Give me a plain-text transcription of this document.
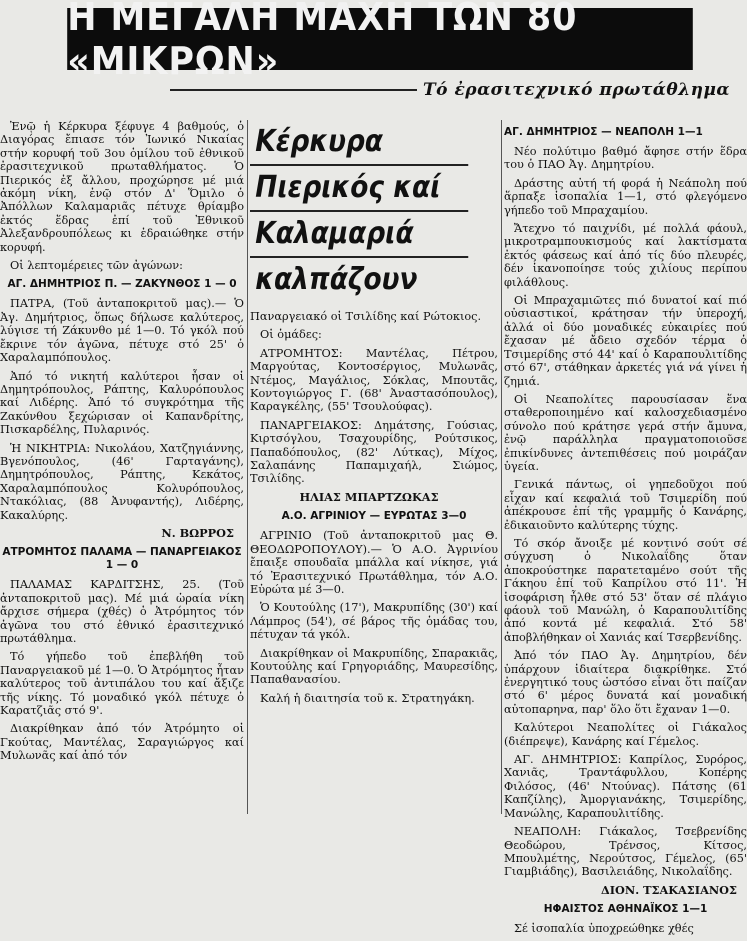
Η ΜΕΓΑΛΗ ΜΑΧΗ ΤΩΝ 80 «ΜΙΚΡΩΝ»
Τό ἐρασιτεχνικό πρωτάθλημα

Ἐνῷ ἡ Κέρκυρα ξέφυγε 4 βαθμούς, ὁ Διαγόρας ἔπιασε τόν Ἰωνικό Νικαίας στήν κορυφή τοῦ 3ου ὁμίλου τοῦ ἐθνικοῦ ἐρασιτεχνικοῦ πρωταθλήματος. Ὁ Πιερικός ἐξ ἄλλου, προχώρησε μέ μιά ἀκόμη νίκη, ἐνῷ στόν Δ' Ὅμιλο ὁ Ἀπόλλων Καλαμαριᾶς πέτυχε θρίαμβο ἐκτός ἕδρας ἐπί τοῦ Ἐθνικοῦ Ἀλεξανδρουπόλεως κι ἑδραιώθηκε στήν κορυφή.

Οἱ λεπτομέρειες τῶν ἀγώνων:

ΑΓ. ΔΗΜΗΤΡΙΟΣ Π. — ΖΑΚΥΝΘΟΣ 1 — 0

ΠΑΤΡΑ, (Τοῦ ἀνταποκριτοῦ μας).— Ὁ Ἀγ. Δημήτριος, ὅπως δήλωσε καλύτερος, λύγισε τή Ζάκυνθο μέ 1—0. Τό γκόλ πού ἔκρινε τόν ἀγῶνα, πέτυχε στό 25' ὁ Χαραλαμπόπουλος.

Ἀπό τό νικητή καλύτεροι ἦσαν οἱ Δημητρόπουλος, Ράπτης, Καλυρόπουλος καί Λιδέρης. Ἀπό τό συγκρότημα τῆς Ζακύνθου ξεχώρισαν οἱ Καπανδρίτης, Πισκαρδέλης, Πυλαρινός.

Ἡ ΝΙΚΗΤΡΙΑ: Νικολάου, Χατζηγιάννης, Βγενόπουλος, (46' Γαρταγάνης), Δημητρόπουλος, Ράπτης, Κεκάτος, Χαραλαμπόπουλος Κολυρόπουλος, Ντακόλιας, (88 Ἀνυφαντής), Λιδέρης, Κακαλύρης.

Ν. ΒΩΡΡΟΣ
ΑΤΡΟΜΗΤΟΣ ΠΑΛΑΜΑ — ΠΑΝΑΡΓΕΙΑΚΟΣ 1 — 0

ΠΑΛΑΜΑΣ ΚΑΡΔΙΤΣΗΣ, 25. (Τοῦ ἀνταποκριτοῦ μας). Μέ μιά ὡραία νίκη ἄρχισε σήμερα (χθές) ὁ Ἀτρόμητος τόν ἀγῶνα του στό ἐθνικό ἐρασιτεχνικό πρωτάθλημα.

Τό γήπεδο τοῦ ἐπεβλήθη τοῦ Παναργειακοῦ μέ 1—0. Ὁ Ἀτρόμητος ἦταν καλύτερος τοῦ ἀντιπάλου του καί ἄξιζε τῆς νίκης. Τό μοναδικό γκόλ πέτυχε ὁ Καρατζιᾶς στό 9'.

Διακρίθηκαν ἀπό τόν Ἀτρόμητο οἱ Γκούτας, Μαντέλας, Σαραγιώργος καί Μυλωνᾶς καί ἀπό τόν

Κέρκυρα
Πιερικός καί
Καλαμαριά
καλπάζουν

Παναργειακό οἱ Τσιλίδης καί Ρώτοκιος.

Οἱ ὁμάδες:

ΑΤΡΟΜΗΤΟΣ: Μαντέλας, Πέτρου, Μαργούτας, Κοντοσέργιος, Μυλωνᾶς, Ντέμος, Μαγάλιος, Σόκλας, Μπουτᾶς, Κοντογιώργος Γ. (68' Ἀναστασόπουλος), Καραγκέλης, (55' Τσουλούφας).

ΠΑΝΑΡΓΕΙΑΚΟΣ: Δημάτσης, Γούσιας, Κιρτσόγλου, Τσαχουρίδης, Ρούτσικος, Παπαδόπουλος, (82' Λύτκας), Μίχος, Σαλαπάνης Παπαμιχαήλ, Σιώμος, Τσιλίδης.

ΗΛΙΑΣ ΜΠΑΡΤΖΩΚΑΣ
Α.Ο. ΑΓΡΙΝΙΟΥ — ΕΥΡΩΤΑΣ 3—0

ΑΓΡΙΝΙΟ (Τοῦ ἀνταποκριτοῦ μας Θ. ΘΕΟΔΩΡΟΠΟΥΛΟΥ).— Ὁ Α.Ο. Ἀγρινίου ἔπαιξε σπουδαῖα μπάλλα καί νίκησε, γιά τό Ἐρασιτεχνικό Πρωτάθλημα, τόν Α.Ο. Εὐρώτα μέ 3—0.

Ὁ Κουτούλης (17'), Μακρυπίδης (30') καί Λάμπρος (54'), σέ βάρος τῆς ὁμάδας του, πέτυχαν τά γκόλ.

Διακρίθηκαν οἱ Μακρυπίδης, Σπαρακιᾶς, Κουτούλης καί Γρηγοριάδης, Μαυρεσίδης, Παπαθανασίου.

Καλή ἡ διαιτησία τοῦ κ. Στρατηγάκη.

ΑΓ. ΔΗΜΗΤΡΙΟΣ — ΝΕΑΠΟΛΗ 1—1

Νέο πολύτιμο βαθμό ἄφησε στήν ἕδρα του ὁ ΠΑΟ Ἀγ. Δημητρίου.

Δράστης αὐτή τή φορά ἡ Νεάπολη πού ἅρπαξε ἰσοπαλία 1—1, στό φλεγόμενο γήπεδο τοῦ Μπραχαμίου.

Ἄτεχνο τό παιχνίδι, μέ πολλά φάουλ, μικροτραμπουκισμούς καί λακτίσματα ἐκτός φάσεως καί ἀπό τίς δύο πλευρές, δέν ἱκανοποίησε τούς χιλίους περίπου φιλάθλους.

Οἱ Μπραχαμιῶτες πιό δυνατοί καί πιό οὐσιαστικοί, κράτησαν τήν ὑπεροχή, ἀλλά οἱ δύο μοναδικές εὐκαιρίες πού ἔχασαν μέ ἄδειο σχεδόν τέρμα ὁ Τσιμερίδης στό 44' καί ὁ Καραπουλιτίδης στό 67', στάθηκαν ἀρκετές γιά νά γίνει ἡ ζημιά.

Οἱ Νεαπολίτες παρουσίασαν ἕνα σταθεροποιημένο καί καλοσχεδιασμένο σύνολο πού κράτησε γερά στήν ἄμυνα, ἐνῷ παράλληλα πραγματοποιοῦσε ἐπικίνδυνες ἀντεπιθέσεις πού μοιράζαν ὑγεία.

Γενικά πάντως, οἱ γηπεδοῦχοι πού εἶχαν καί κεφαλιά τοῦ Τσιμερίδη πού ἀπέκρουσε ἐπί τῆς γραμμῆς ὁ Κανάρης, ἐδικαιοῦντο καλύτερης τύχης.

Τό σκόρ ἄνοιξε μέ κοντινό σούτ σέ σύγχυση ὁ Νικολαΐδης ὅταν ἀποκρούστηκε παρατεταμένο σούτ τῆς Γάκηου ἐπί τοῦ Καπρίλου στό 11'. Ἡ ἰσοφάριση ἦλθε στό 53' ὅταν σέ πλάγιο φάουλ τοῦ Μανώλη, ὁ Καραπουλιτίδης ἀπό κοντά μέ κεφαλιά. Στό 58' ἀποβλήθηκαν οἱ Χανιάς καί Τσερβενίδης.

Ἀπό τόν ΠΑΟ Ἀγ. Δημητρίου, δέν ὑπάρχουν ἰδιαίτερα διακρίθηκε. Στό ἐνεργητικό τους ὡστόσο εἶναι ὅτι παίζαν στό 6' μέρος δυνατά καί μοναδική αὐτοπαρηνα, παρ' ὅλο ὅτι ἔχαναν 1—0.

Καλύτεροι Νεαπολίτες οἱ Γιάκαλος (διέπρεψε), Κανάρης καί Γέμελος.

ΑΓ. ΔΗΜΗΤΡΙΟΣ: Καπρίλος, Συρόρος, Χανιᾶς, Τραντάφυλλου, Κοπέρης Φιλόσος, (46' Ντούνας). Πάτσης (61 Καπζίλης), Ἀμοργιανάκης, Τσιμερίδης, Μανώλης, Καραπουλιτίδης.

ΝΕΑΠΟΛΗ: Γιάκαλος, Τσεβρενίδης Θεοδώρου, Τρένσος, Κίτσος, Μπουλμέτης, Νερούτσος, Γέμελος, (65' Γιαμβιάδης), Βασιλειάδης, Νικολαΐδης.

ΔΙΟΝ. ΤΣΑΚΑΣΙΑΝΟΣ
ΗΦΑΙΣΤΟΣ ΑΘΗΝΑΪΚΟΣ 1—1

Σέ ἰσοπαλία ὑποχρεώθηκε χθές
